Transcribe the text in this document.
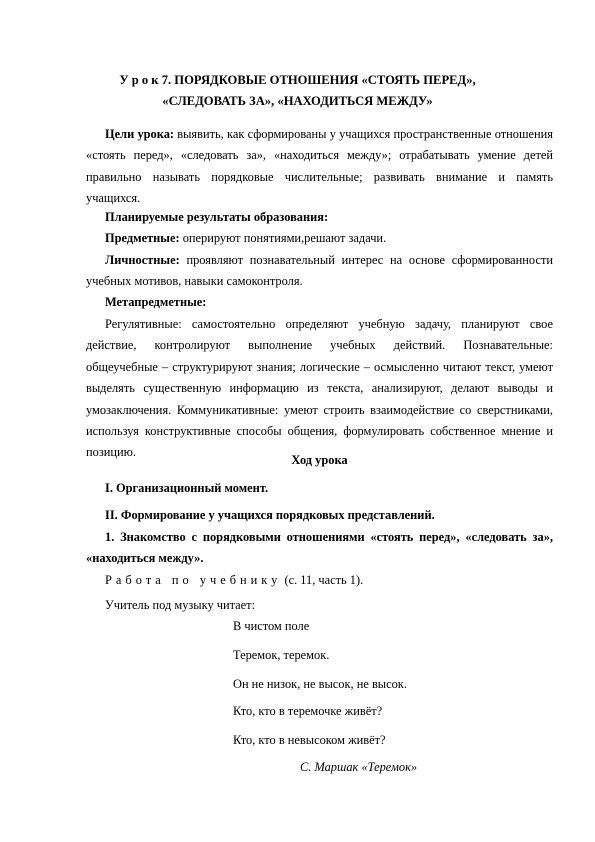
У р о к 7. ПОРЯДКОВЫЕ ОТНОШЕНИЯ «СТОЯТЬ ПЕРЕД»,
«СЛЕДОВАТЬ ЗА», «НАХОДИТЬСЯ МЕЖДУ»

Цели урока: выявить, как сформированы у учащихся пространственные отношения «стоять перед», «следовать за», «находиться между»; отрабатывать умение детей правильно называть порядковые числительные; развивать внимание и память учащихся.

Планируемые результаты образования:

Предметные: оперируют понятиями,решают задачи.

Личностные: проявляют познавательный интерес на основе сформированности учебных мотивов, навыки самоконтроля.

Метапредметные:

Регулятивные: самостоятельно определяют учебную задачу, планируют свое действие, контролируют выполнение учебных действий. Познавательные: общеучебные – структурируют знания; логические – осмысленно читают текст, умеют выделять существенную информацию из текста, анализируют, делают выводы и умозаключения. Коммуникативные: умеют строить взаимодействие со сверстниками, используя конструктивные способы общения, формулировать собственное мнение и позицию.

Ход урока

I. Организационный момент.

II. Формирование у учащихся порядковых представлений.

1. Знакомство с порядковыми отношениями «стоять перед», «следовать за», «находиться между».

Работа по учебнику (с. 11, часть 1).

Учитель под музыку читает:

В чистом поле
Теремок, теремок.
Он не низок, не высок, не высок.
Кто, кто в теремочке живёт?
Кто, кто в невысоком живёт?
С. Маршак «Теремок»
